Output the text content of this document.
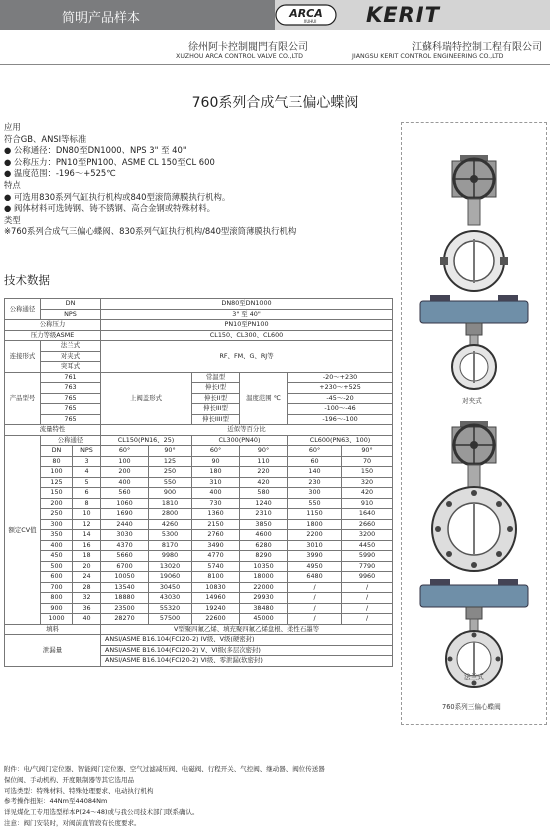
简明产品样本	ARCA
XUHUI KERIT
徐州阿卡控制閥門有限公司
XUZHOU ARCA CONTROL VALVE CO.,LTD
江蘇科瑞特控制工程有限公司
JIANGSU KERIT CONTROL ENGINEERING CO.,LTD
760系列合成气三偏心蝶阀
应用
符合GB、ANSI等标准
● 公称通径：DN80至DN1000、NPS 3" 至 40"
● 公称压力：PN10至PN100、ASME CL 150至CL 600
● 温度范围：-196～+525℃
特点
● 可选用830系列气缸执行机构或840型滚筒薄膜执行机构。
● 阀体材料可选铸钢、铸不锈钢、高合金钢或特殊材料。
类型
※760系列合成气三偏心蝶阀、830系列气缸执行机构/840型滚筒薄膜执行机构
技术数据
公称通径	DN		DN80至DN1000					
	NPS		3" 至 40"					
公称压力			PN10至PN100					
压力等级ASME			CL150、CL300、CL600					

连接形式	法兰式		RF、FM、G、RJ等					
	对夹式							
	突耳式							

产品型号	761		上阀盖形式		常温型	温度范围 ℃	-20～+230	
	763				伸长I型		+230～+525	
	765				伸长II型		-45～-20	
	765				伸长III型		-100～-46	
	765				伸长IIII型		-196～-100	
流量特性			近似等百分比					

额定CV值	公称通径		CL150(PN16、25)		CL300(PN40)		CL600(PN63、100)	
	DN	NPS	60°	90°	60°	90°	60°	90°
	80	3	100	125	90	110	60	70
	100	4	200	250	180	220	140	150
	125	5	400	550	310	420	230	320
	150	6	560	900	400	580	300	420
	200	8	1060	1810	730	1240	550	910
	250	10	1690	2800	1360	2310	1150	1640
	300	12	2440	4260	2150	3850	1800	2660
	350	14	3030	5300	2760	4600	2200	3200
	400	16	4370	8170	3490	6280	3010	4450
	450	18	5660	9980	4770	8290	3990	5990
	500	20	6700	13020	5740	10350	4950	7790
	600	24	10050	19060	8100	18000	6480	9960
	700	28	13540	30450	10830	22000	/	/
	800	32	18880	43030	14960	29930	/	/
	900	36	23500	55320	19240	38480	/	/
	1000	40	28270	57500	22600	45000	/	/
填料			V型聚四氟乙烯、填充聚四氟乙烯盘根、柔性石墨等					
泄漏量			ANSI/ASME B16.104(FCI20-2) IV级、V级(硬密封)					
			ANSI/ASME B16.104(FCI20-2) V、VI级(多层次密封)					
			ANSI/ASME B16.104(FCI20-2) VI级、零泄漏(软密封)					
附件：电/气阀门定位器、智能阀门定位器、空气过滤减压阀、电磁阀、行程开关、气控阀、继动器、阀位传送器
保位阀、手动机构、开度限制器等其它选用品
可选类型：特殊材料、特殊处理要求、电动执行机构
参考操作扭矩：44Nm至44084Nm
详见煤化工专用选型样本P(24～48)或与我公司技术部门联系确认。
注意：阀门安装时，对阀前直管段有长度要求。
对夹式
法兰式
760系列三偏心蝶阀
